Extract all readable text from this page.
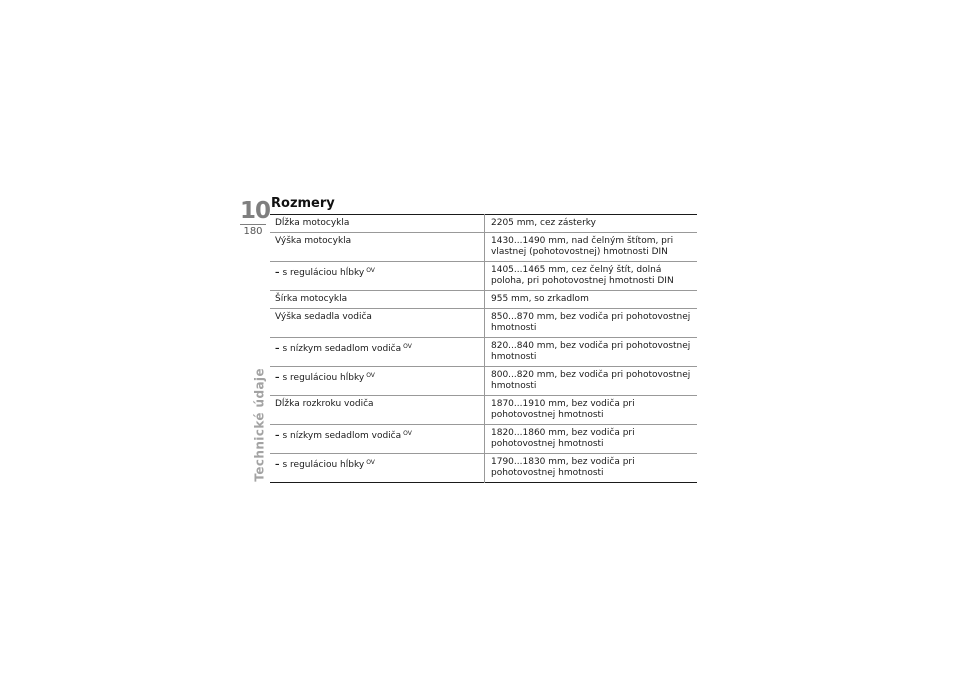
10
180
Technické údaje
Rozmery
Dĺžka motocykla	2205 mm, cez zásterky
Výška motocykla	1430...1490 mm, nad čelným štítom, pri vlastnej (pohotovostnej) hmotnosti DIN
– s reguláciou hĺbky $^{OV}$	1405...1465 mm, cez čelný štít, dolná poloha, pri pohotovostnej hmotnosti DIN
Šírka motocykla	955 mm, so zrkadlom
Výška sedadla vodiča	850...870 mm, bez vodiča pri pohotovostnej hmotnosti
– s nízkym sedadlom vodiča $^{OV}$	820...840 mm, bez vodiča pri pohotovostnej hmotnosti
– s reguláciou hĺbky $^{OV}$	800...820 mm, bez vodiča pri pohotovostnej hmotnosti
Dĺžka rozkroku vodiča	1870...1910 mm, bez vodiča pri pohotovostnej hmotnosti
– s nízkym sedadlom vodiča $^{OV}$	1820...1860 mm, bez vodiča pri pohotovostnej hmotnosti
– s reguláciou hĺbky $^{OV}$	1790...1830 mm, bez vodiča pri pohotovostnej hmotnosti
